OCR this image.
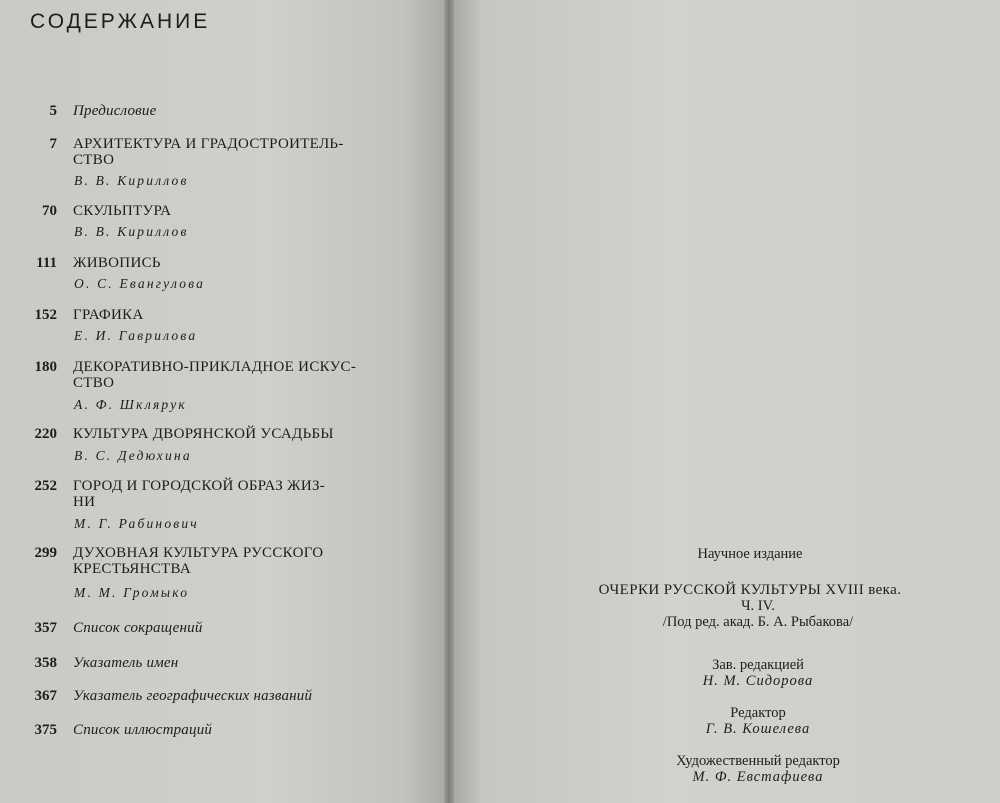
СОДЕРЖАНИЕ
5 Предисловие
7 АРХИТЕКТУРА И ГРАДОСТРОИТЕЛЬ-
СТВО
В. В. Кириллов
70 СКУЛЬПТУРА
В. В. Кириллов
111 ЖИВОПИСЬ
О. С. Евангулова
152 ГРАФИКА
Е. И. Гаврилова
180 ДЕКОРАТИВНО-ПРИКЛАДНОЕ ИСКУС-
СТВО
А. Ф. Шклярук
220 КУЛЬТУРА ДВОРЯНСКОЙ УСАДЬБЫ
В. С. Дедюхина
252 ГОРОД И ГОРОДСКОЙ ОБРАЗ ЖИЗ-
НИ
М. Г. Рабинович
299 ДУХОВНАЯ КУЛЬТУРА РУССКОГО
КРЕСТЬЯНСТВА
М. М. Громыко
357 Список сокращений
358 Указатель имен
367 Указатель географических названий
375 Список иллюстраций
Научное издание
ОЧЕРКИ РУССКОЙ КУЛЬТУРЫ XVIII века.
Ч. IV.
/Под ред. акад. Б. А. Рыбакова/
Зав. редакцией
Н. М. Сидорова
Редактор
Г. В. Кошелева
Художественный редактор
М. Ф. Евстафиева
